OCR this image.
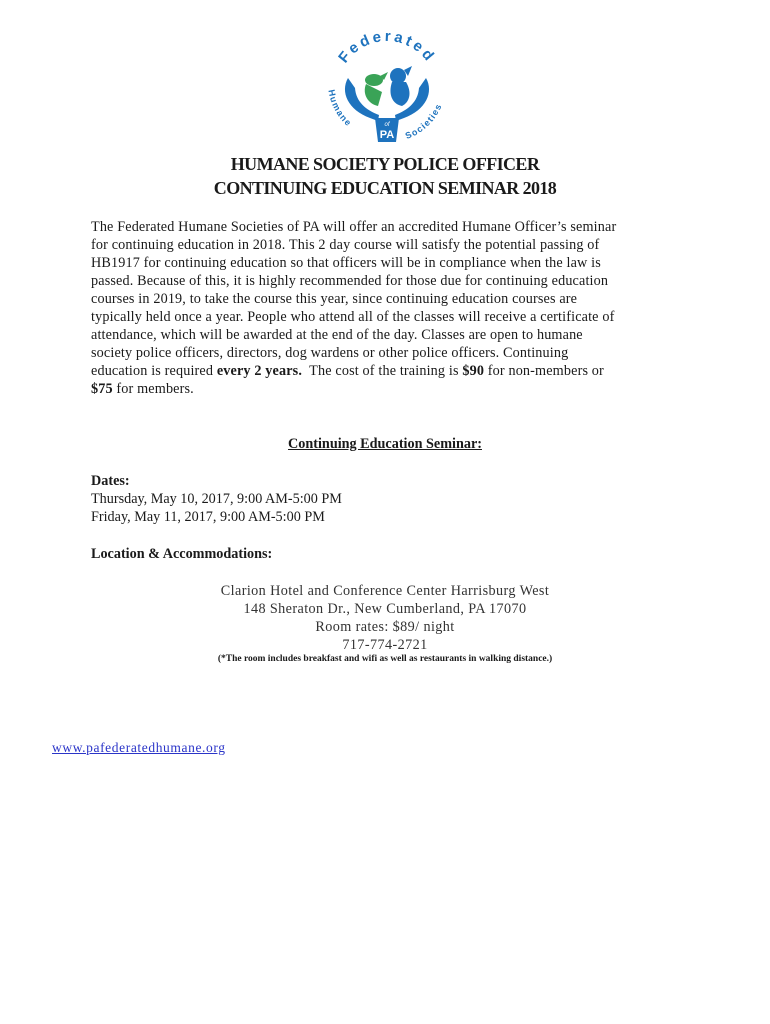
Federated
Humane
Societies
of
PA
HUMANE SOCIETY POLICE OFFICER
CONTINUING EDUCATION SEMINAR 2018
The Federated Humane Societies of PA will offer an accredited Humane Officer’s seminar
for continuing education in 2018. This 2 day course will satisfy the potential passing of
HB1917 for continuing education so that officers will be in compliance when the law is
passed. Because of this, it is highly recommended for those due for continuing education
courses in 2019, to take the course this year, since continuing education courses are
typically held once a year. People who attend all of the classes will receive a certificate of
attendance, which will be awarded at the end of the day. Classes are open to humane
society police officers, directors, dog wardens or other police officers. Continuing
education is required every 2 years.  The cost of the training is $90 for non-members or
$75 for members.
Continuing Education Seminar:
Dates:
Thursday, May 10, 2017, 9:00 AM-5:00 PM
Friday, May 11, 2017, 9:00 AM-5:00 PM
Location & Accommodations:
Clarion Hotel and Conference Center Harrisburg West
148 Sheraton Dr., New Cumberland, PA 17070
Room rates: $89/ night
717-774-2721
(*The room includes breakfast and wifi as well as restaurants in walking distance.)
www.pafederatedhumane.org
